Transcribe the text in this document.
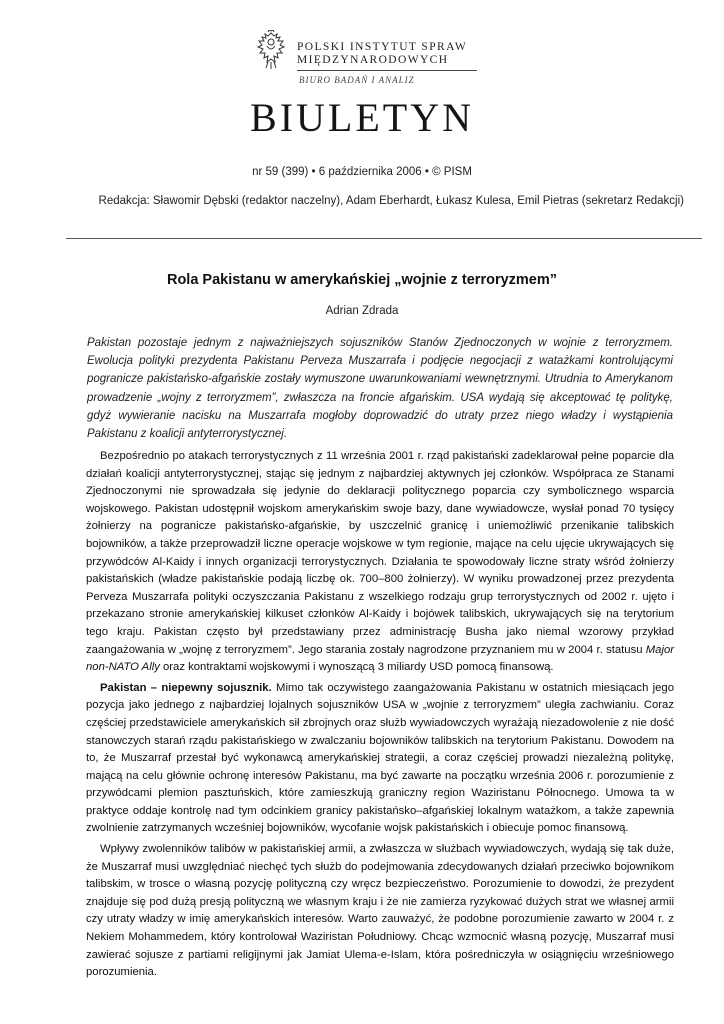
POLSKI INSTYTUT SPRAW
MIĘDZYNARODOWYCH
BIURO BADAŃ I ANALIZ
BIULETYN
nr 59 (399) • 6 października 2006 • © PISM
Redakcja: Sławomir Dębski (redaktor naczelny), Adam Eberhardt, Łukasz Kulesa, Emil Pietras (sekretarz Redakcji)
Rola Pakistanu w amerykańskiej „wojnie z terroryzmem”
Adrian Zdrada
Pakistan pozostaje jednym z najważniejszych sojuszników Stanów Zjednoczonych w wojnie z terroryzmem. Ewolucja polityki prezydenta Pakistanu Perveza Muszarrafa i podjęcie negocjacji z watażkami kontrolującymi pogranicze pakistańsko-afgańskie zostały wymuszone uwarunkowaniami wewnętrznymi. Utrudnia to Amerykanom prowadzenie „wojny z terroryzmem”, zwłaszcza na froncie afgańskim. USA wydają się akceptować tę politykę, gdyż wywieranie nacisku na Muszarrafa mogłoby doprowadzić do utraty przez niego władzy i wystąpienia Pakistanu z koalicji antyterrorystycznej.

Bezpośrednio po atakach terrorystycznych z 11 września 2001 r. rząd pakistański zadeklarował pełne poparcie dla działań koalicji antyterrorystycznej, stając się jednym z najbardziej aktywnych jej członków. Współpraca ze Stanami Zjednoczonymi nie sprowadzała się jedynie do deklaracji politycznego poparcia czy symbolicznego wsparcia wojskowego. Pakistan udostępnił wojskom amerykańskim swoje bazy, dane wywiadowcze, wysłał ponad 70 tysięcy żołnierzy na pogranicze pakistańsko-afgańskie, by uszczelnić granicę i uniemożliwić przenikanie talibskich bojowników, a także przeprowadził liczne operacje wojskowe w tym regionie, mające na celu ujęcie ukrywających się przywódców Al-Kaidy i innych organizacji terrorystycznych. Działania te spowodowały liczne straty wśród żołnierzy pakistańskich (władze pakistańskie podają liczbę ok. 700–800 żołnierzy). W wyniku prowadzonej przez prezydenta Perveza Muszarrafa polityki oczyszczania Pakistanu z wszelkiego rodzaju grup terrorystycznych od 2002 r. ujęto i przekazano stronie amerykańskiej kilkuset członków Al-Kaidy i bojówek talibskich, ukrywających się na terytorium tego kraju. Pakistan często był przedstawiany przez administrację Busha jako niemal wzorowy przykład zaangażowania w „wojnę z terroryzmem”. Jego starania zostały nagrodzone przyznaniem mu w 2004 r. statusu Major non-NATO Ally oraz kontraktami wojskowymi i wynoszącą 3 miliardy USD pomocą finansową.

Pakistan – niepewny sojusznik. Mimo tak oczywistego zaangażowania Pakistanu w ostatnich miesiącach jego pozycja jako jednego z najbardziej lojalnych sojuszników USA w „wojnie z terroryzmem” uległa zachwianiu. Coraz częściej przedstawiciele amerykańskich sił zbrojnych oraz służb wywiadowczych wyrażają niezadowolenie z nie dość stanowczych starań rządu pakistańskiego w zwalczaniu bojowników talibskich na terytorium Pakistanu. Dowodem na to, że Muszarraf przestał być wykonawcą amerykańskiej strategii, a coraz częściej prowadzi niezależną politykę, mającą na celu głównie ochronę interesów Pakistanu, ma być zawarte na początku września 2006 r. porozumienie z przywódcami plemion pasztuńskich, które zamieszkują graniczny region Waziristanu Północnego. Umowa ta w praktyce oddaje kontrolę nad tym odcinkiem granicy pakistańsko–afgańskiej lokalnym watażkom, a także zapewnia zwolnienie zatrzymanych wcześniej bojowników, wycofanie wojsk pakistańskich i obiecuje pomoc finansową.

Wpływy zwolenników talibów w pakistańskiej armii, a zwłaszcza w służbach wywiadowczych, wydają się tak duże, że Muszarraf musi uwzględniać niechęć tych służb do podejmowania zdecydowanych działań przeciwko bojownikom talibskim, w trosce o własną pozycję polityczną czy wręcz bezpieczeństwo. Porozumienie to dowodzi, że prezydent znajduje się pod dużą presją polityczną we własnym kraju i że nie zamierza ryzykować dużych strat we własnej armii czy utraty władzy w imię amerykańskich interesów. Warto zauważyć, że podobne porozumienie zawarto w 2004 r. z Nekiem Mohammedem, który kontrolował Waziristan Południowy. Chcąc wzmocnić własną pozycję, Muszarraf musi zawierać sojusze z partiami religijnymi jak Jamiat Ulema-e-Islam, która pośredniczyła w osiągnięciu wrześniowego porozumienia.
